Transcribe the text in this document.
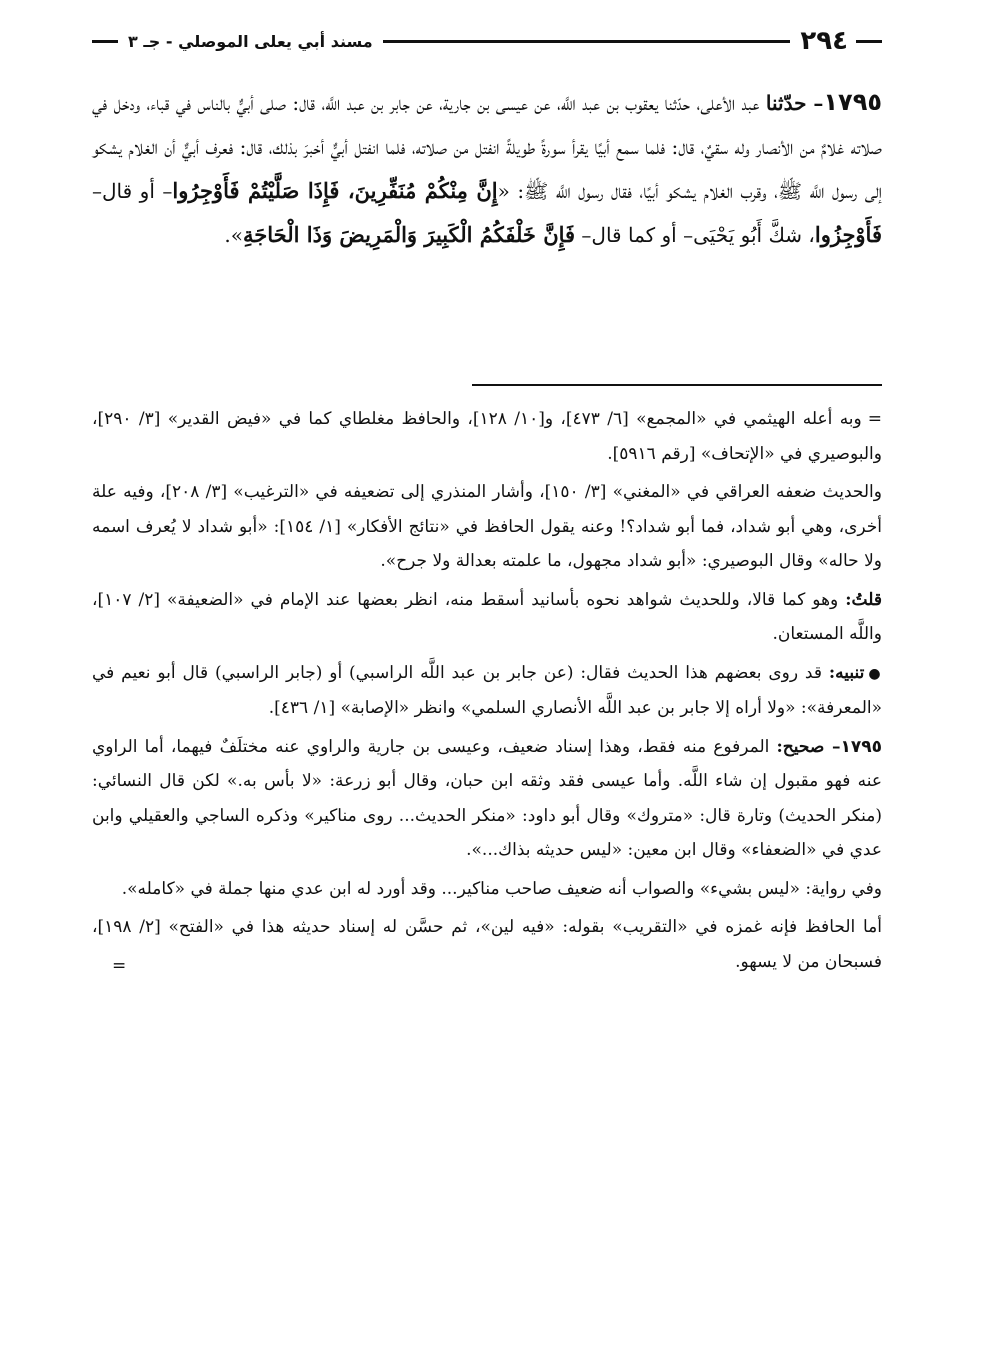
٢٩٤
مسند أبي يعلى الموصلي - جـ ٣
١٧٩٥– حدّثنا عبد الأعلى، حدّثنا يعقوب بن عبد اللَّه، عن عيسى بن جارية، عن جابر بن عبد اللَّه، قال: صلى أبيٌّ بالناس في قباء، ودخل في صلاته غلامٌ من الأنصار وله سقيٌ، قال: فلما سمع أبيًا يقرأ سورةً طويلةً انفتل من صلاته، فلما انفتل أبيٌّ أخبرَ بذلك، قال: فعرف أبيٌّ أن الغلام يشكو إلى رسول اللَّه ﷺ، وقرب الغلام يشكو أبيًا، فقال رسول اللَّه ﷺ: «إِنَّ مِنْكُمْ مُنَفِّرِينَ، فَإِذَا صَلَّيْتُمْ فَأَوْجِرُوا– أو قال– فَأَوْجِزُوا، شكَّ أَبُو يَحْيَى– أو كما قال– فَإِنَّ خَلْفَكُمُ الْكَبِيرَ وَالْمَرِيضَ وَذَا الْحَاجَةِ».

=وبه أعله الهيثمي في «المجمع» [٦/ ٤٧٣]، و[١٠/ ١٢٨]، والحافظ مغلطاي كما في «فيض القدير» [٣/ ٢٩٠]، والبوصيري في «الإتحاف» [رقم ٥٩١٦].

والحديث ضعفه العراقي في «المغني» [٣/ ١٥٠]، وأشار المنذري إلى تضعيفه في «الترغيب» [٣/ ٢٠٨]، وفيه علة أخرى، وهي أبو شداد، فما أبو شداد؟! وعنه يقول الحافظ في «نتائج الأفكار» [١/ ١٥٤]: «أبو شداد لا يُعرف اسمه ولا حاله» وقال البوصيري: «أبو شداد مجهول، ما علمته بعدالة ولا جرح».

قلتُ: وهو كما قالا، وللحديث شواهد نحوه بأسانيد أسقط منه، انظر بعضها عند الإمام في «الضعيفة» [٢/ ١٠٧]، واللَّه المستعان.

●تنبيه: قد روى بعضهم هذا الحديث فقال: (عن جابر بن عبد اللَّه الراسبي) أو (جابر الراسبي) قال أبو نعيم في «المعرفة»: «ولا أراه إلا جابر بن عبد اللَّه الأنصاري السلمي» وانظر «الإصابة» [١/ ٤٣٦].

١٧٩٥– صحيح: المرفوع منه فقط، وهذا إسناد ضعيف، وعيسى بن جارية والراوي عنه مختلَفٌ فيهما، أما الراوي عنه فهو مقبول إن شاء اللَّه. وأما عيسى فقد وثقه ابن حبان، وقال أبو زرعة: «لا بأس به.» لكن قال النسائي: (منكر الحديث) وتارة قال: «متروك» وقال أبو داود: «منكر الحديث... روى مناكير» وذكره الساجي والعقيلي وابن عدي في «الضعفاء» وقال ابن معين: «ليس حديثه بذاك...».

وفي رواية: «ليس بشيء» والصواب أنه ضعيف صاحب مناكير... وقد أورد له ابن عدي منها جملة في «كامله».

أما الحافظ فإنه غمزه في «التقريب» بقوله: «فيه لين»، ثم حسَّن له إسناد حديثه هذا في «الفتح» [٢/ ١٩٨]، فسبحان من لا يسهو.

=
